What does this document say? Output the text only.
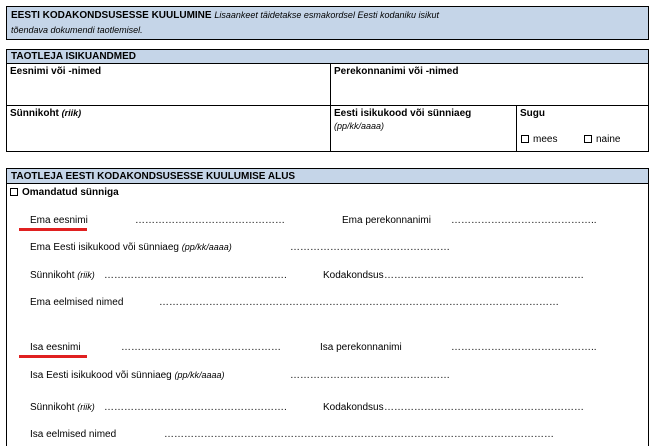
EESTI KODAKONDSUSESSE KUULUMINE Lisaankeet täidetakse esmakordsel Eesti kodaniku isikut
tõendava dokumendi taotlemisel.
TAOTLEJA ISIKUANDMED
Eesnimi või -nimed	Perekonnanimi või -nimed
Sünnikoht (riik)	Eesti isikukood või sünniaeg
(pp/kk/aaaa)
Sugu
mees	naine
TAOTLEJA EESTI KODAKONDSUSESSE KUULUMISE ALUS
Omandatud sünniga
Ema eesnimi	………………………………………	Ema perekonnanimi ……………………………………..
Ema Eesti isikukood või sünniaeg (pp/kk/aaaa)	…………………………………………
Sünnikoht (riik) ……………………………………………….	Kodakondsus ……………………………………………………
Ema eelmised nimed	…………………………………………………………………………………………………………
Isa eesnimi	…………………………………………	Isa perekonnanimi	……………………………………..
Isa Eesti isikukood või sünniaeg (pp/kk/aaaa)	…………………………………………
Sünnikoht (riik) ……………………………………………….	Kodakondsus ……………………………………………………
Isa eelmised nimed	………………………………………………………………………………………………………
